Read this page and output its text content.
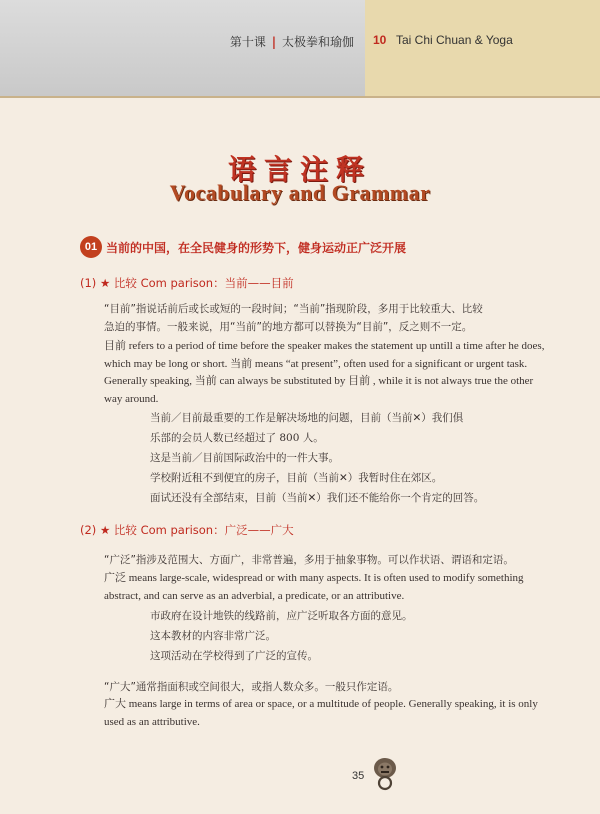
第十课 | 太极拳和瑜伽 10 Tai Chi Chuan & Yoga
语言注释
Vocabulary and Grammar
01 当前的中国，在全民健身的形势下，健身运动正广泛开展
(1) ★ 比较 Com parison：当前——目前
“目前”指说话前后或长或短的一段时间；“当前”指现阶段，多用于比较重大、比较
急迫的事情。一般来说，用“当前”的地方都可以替换为“目前”，反之则不一定。
目前 refers to a period of time before the speaker makes the statement up untill a time after he does,
which may be long or short. 当前 means “at present”, often used for a significant or urgent task.
Generally speaking, 当前 can always be substituted by 目前 , while it is not always true the other
way around.
当前／目前最重要的工作是解决场地的问题，目前（当前✕）我们俱
乐部的会员人数已经超过了 800 人。
这是当前／目前国际政治中的一件大事。
学校附近租不到便宜的房子，目前（当前✕）我暂时住在郊区。
面试还没有全部结束，目前（当前✕）我们还不能给你一个肯定的回答。
(2) ★ 比较 Com parison：广泛——广大
“广泛”指涉及范围大、方面广，非常普遍，多用于抽象事物。可以作状语、谓语和定语。
广泛 means large-scale, widespread or with many aspects. It is often used to modify something
abstract, and can serve as an adverbial, a predicate, or an attributive.
市政府在设计地铁的线路前，应广泛听取各方面的意见。
这本教材的内容非常广泛。
这项活动在学校得到了广泛的宣传。
“广大”通常指面积或空间很大，或指人数众多。一般只作定语。
广大 means large in terms of area or space, or a multitude of people. Generally speaking, it is only
used as an attributive.
35
